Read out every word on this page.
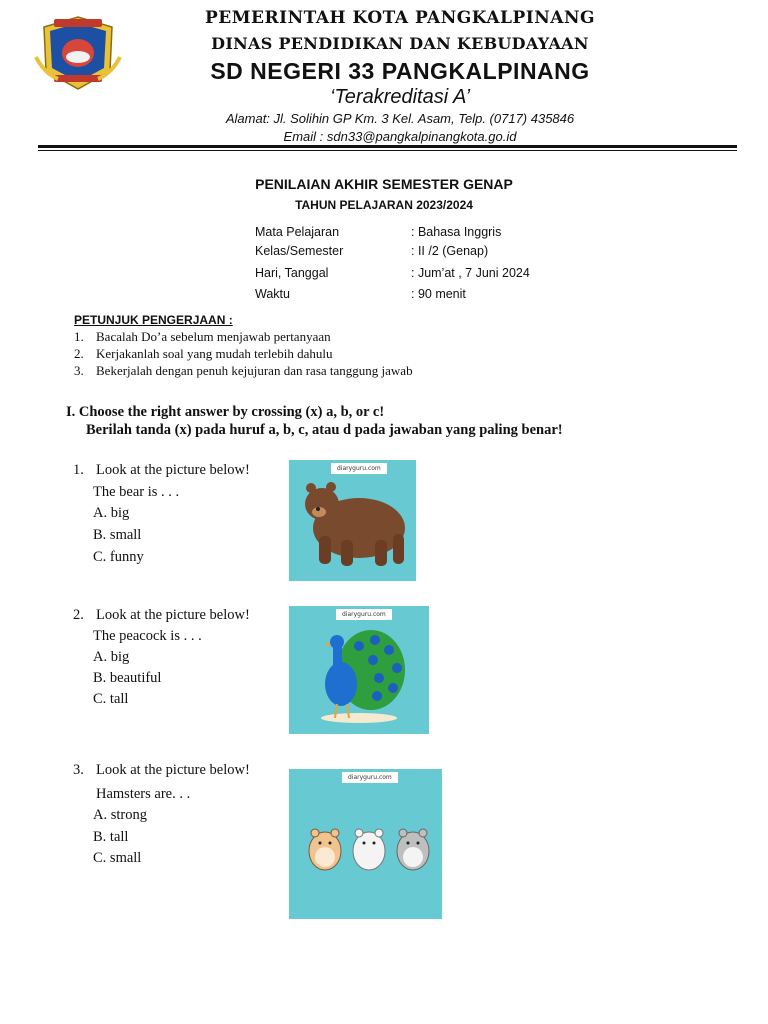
PEMERINTAH KOTA PANGKALPINANG
DINAS PENDIDIKAN DAN KEBUDAYAAN
SD NEGERI 33 PANGKALPINANG
‘Terakreditasi A’
Alamat: Jl. Solihin GP Km. 3 Kel. Asam, Telp. (0717) 435846
Email : sdn33@pangkalpinangkota.go.id
PENILAIAN AKHIR SEMESTER GENAP
TAHUN PELAJARAN 2023/2024
Mata Pelajaran	: Bahasa Inggris
Kelas/Semester	: II /2 (Genap)
Hari, Tanggal	: Jum’at , 7 Juni 2024
Waktu	: 90 menit
PETUNJUK PENGERJAAN :
1. Bacalah Do’a sebelum menjawab pertanyaan
2. Kerjakanlah soal yang mudah terlebih dahulu
3. Bekerjalah dengan penuh kejujuran dan rasa tanggung jawab
I. Choose the right answer by crossing (x) a, b, or c!
Berilah tanda (x) pada huruf a, b, c, atau d pada jawaban yang paling benar!
1. Look at the picture below!
The bear is . . .
A. big
B. small
C. funny
diaryguru.com
2. Look at the picture below!
The peacock is . . .
A. big
B. beautiful
C. tall
diaryguru.com
3. Look at the picture below!
Hamsters are. . .
A. strong
B. tall
C. small
diaryguru.com
